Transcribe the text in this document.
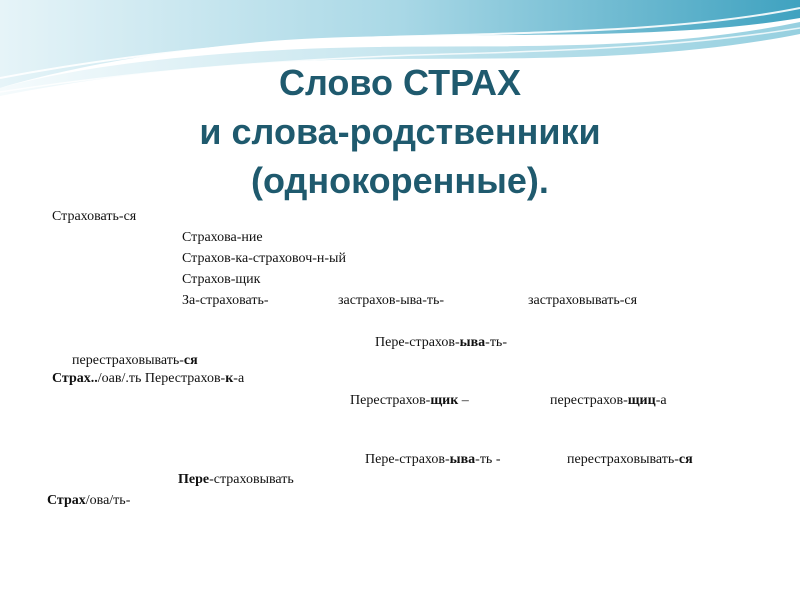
Слово СТРАХ
и слова-родственники
(однокоренные).
Страховать-ся
Страхова-ние
Страхов-ка-страховоч-н-ый
Страхов-щик
За-страховать-	застрахов-ыва-ть-	застраховывать-ся
Пере-страхов-ыва-ть-
перестраховывать-ся
Страх../оав/.ть Перестрахов-к-а
Перестрахов-щик –	перестрахов-щиц-а
Пере-страхов-ыва-ть -	перестраховывать-ся
Пере-страховывать
Страх/ова/ть-
